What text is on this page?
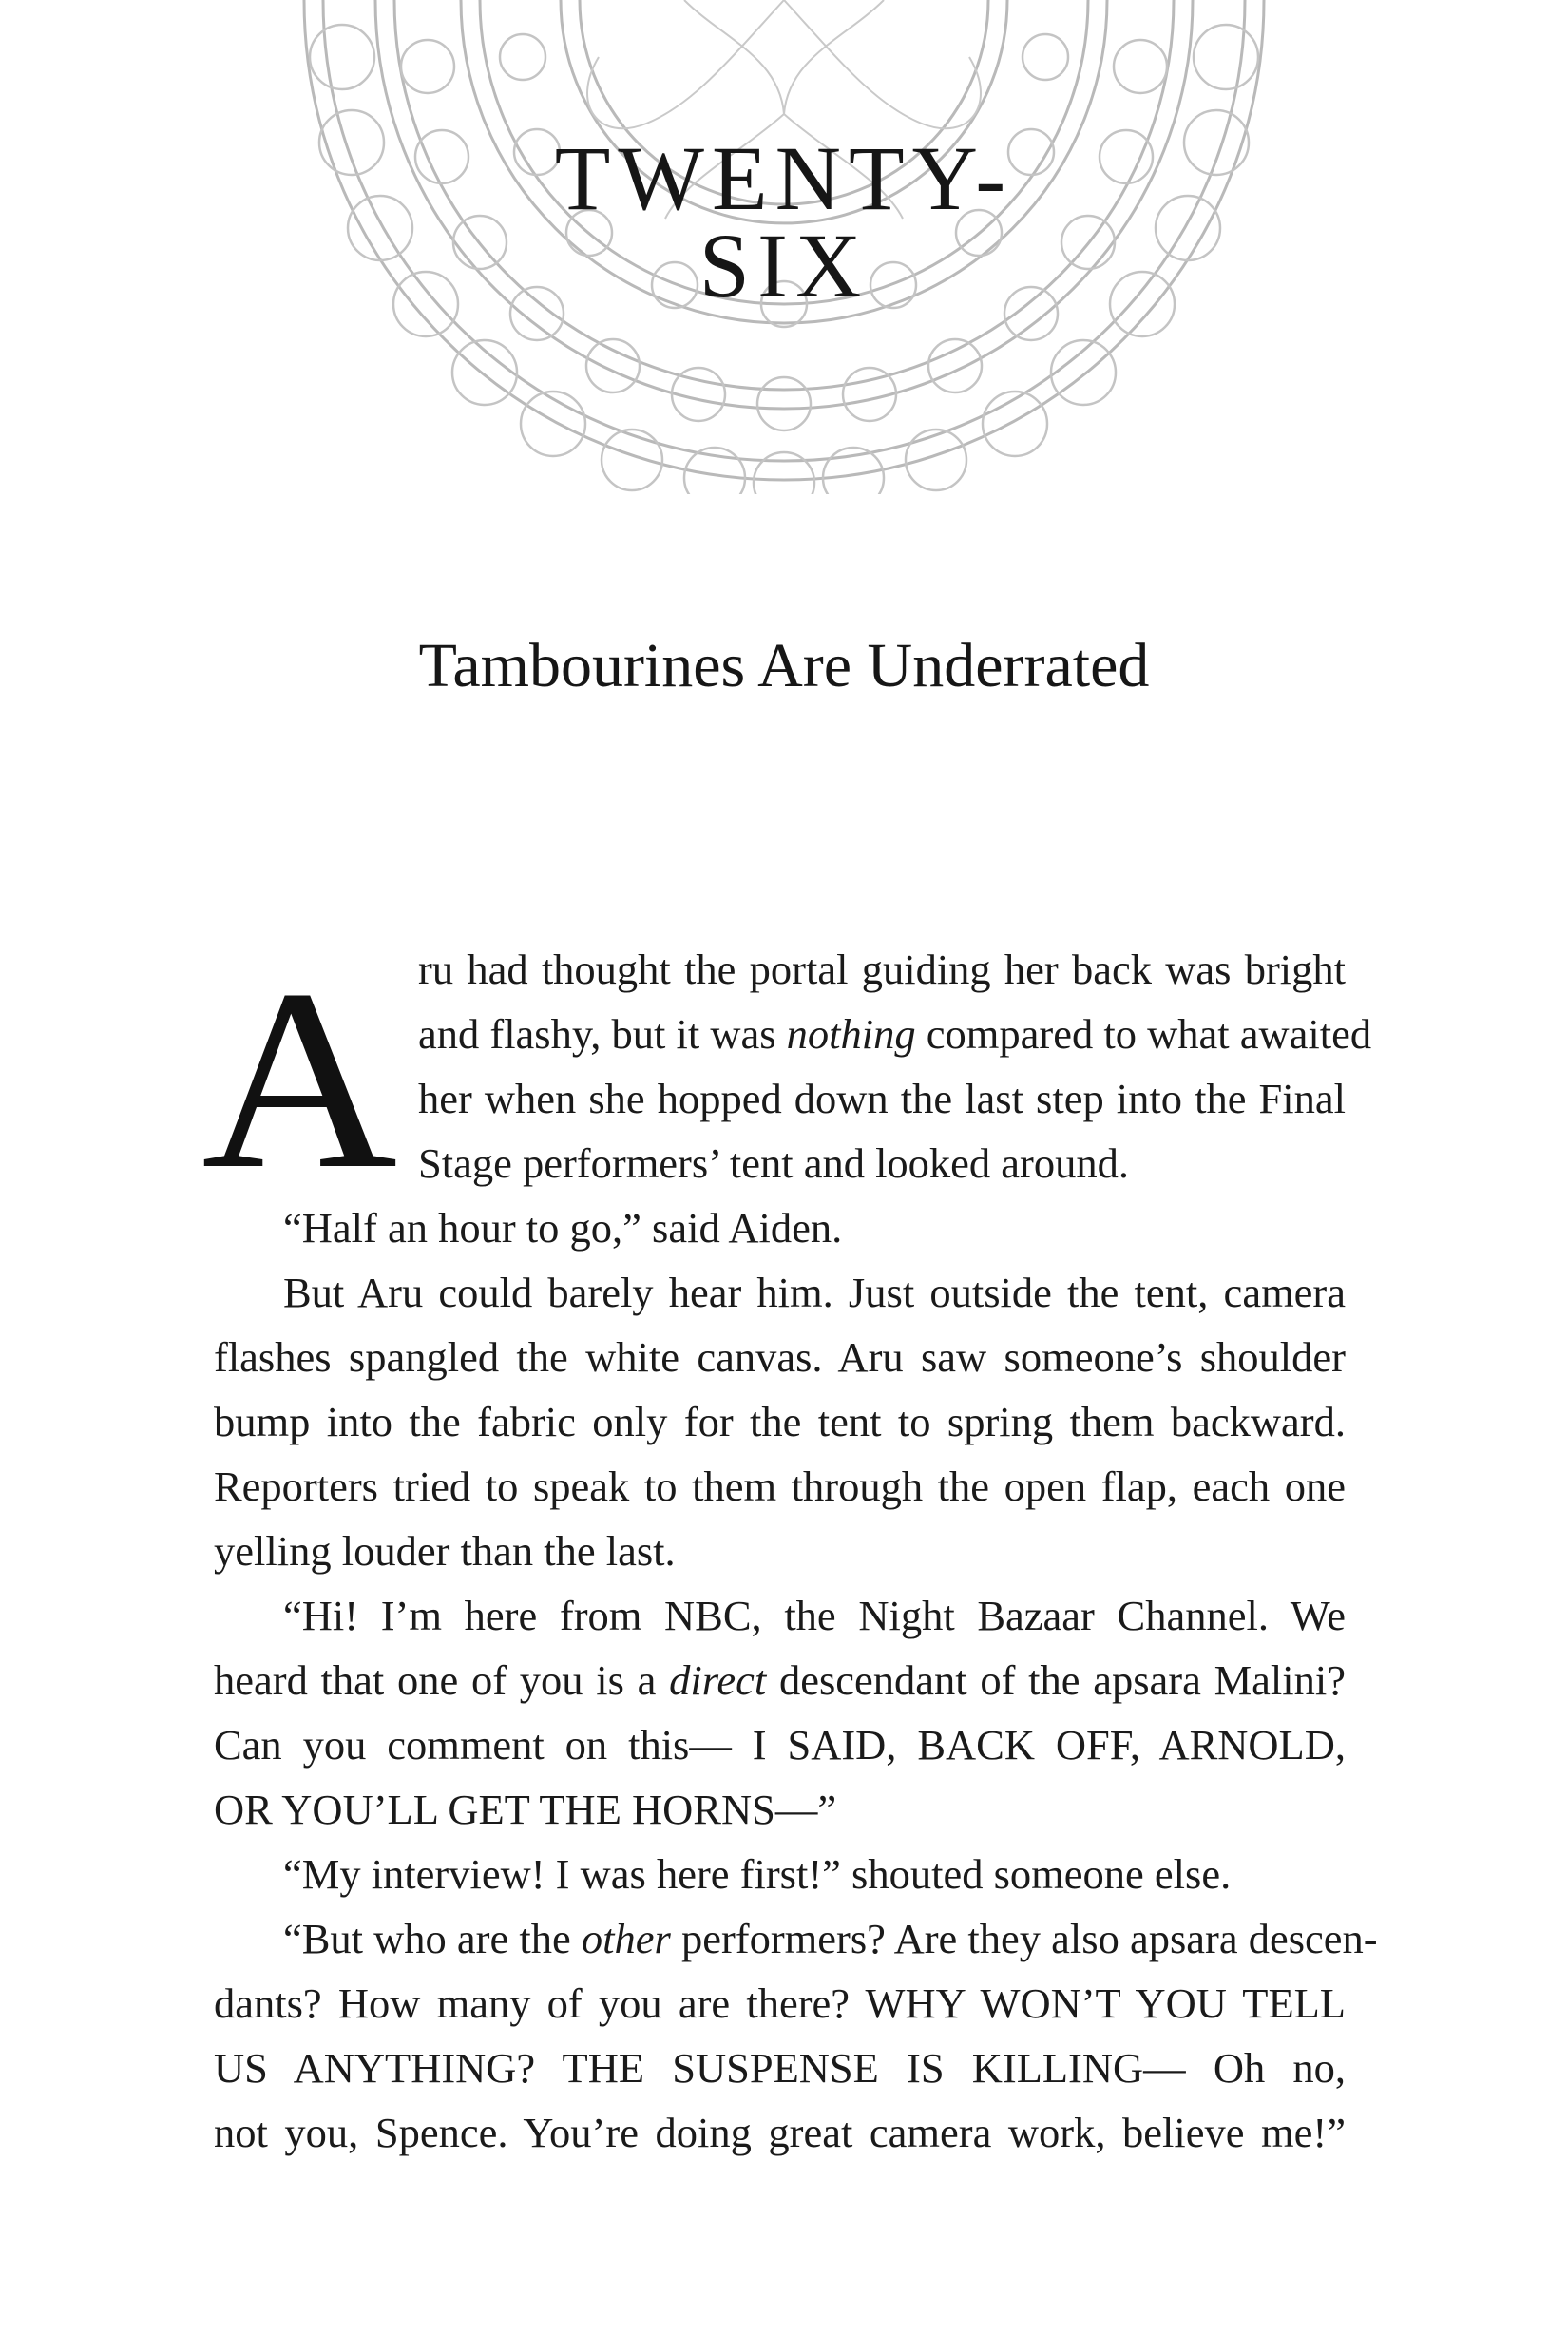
TWENTY-
SIX
Tambourines Are Underrated
A ru had thought the portal guiding her back was bright
and flashy, but it was nothing compared to what awaited
her when she hopped down the last step into the Final
Stage performers’ tent and looked around.
“Half an hour to go,” said Aiden.
But Aru could barely hear him. Just outside the tent, camera
flashes spangled the white canvas. Aru saw someone’s shoulder
bump into the fabric only for the tent to spring them backward.
Reporters tried to speak to them through the open flap, each one
yelling louder than the last.
“Hi! I’m here from NBC, the Night Bazaar Channel. We
heard that one of you is a direct descendant of the apsara Malini?
Can you comment on this— I SAID, BACK OFF, ARNOLD,
OR YOU’LL GET THE HORNS—”
“My interview! I was here first!” shouted someone else.
“But who are the other performers? Are they also apsara descen-
dants? How many of you are there? WHY WON’T YOU TELL
US ANYTHING? THE SUSPENSE IS KILLING— Oh no,
not you, Spence. You’re doing great camera work, believe me!”
